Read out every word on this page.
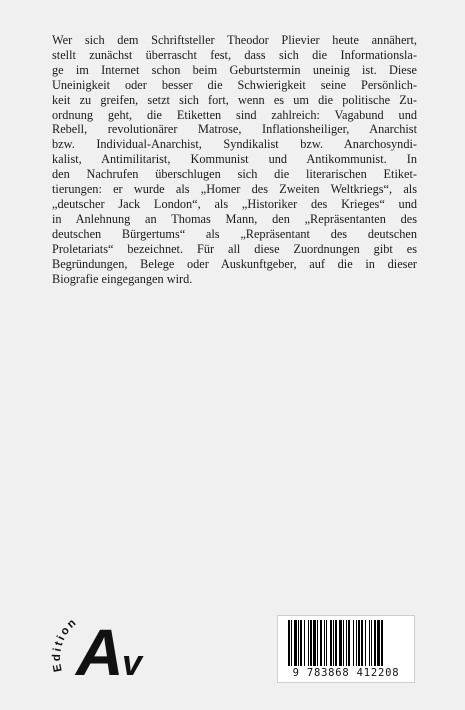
Wer sich dem Schriftsteller Theodor Plievier heute annähert,
stellt zunächst überrascht fest, dass sich die Informationsla-
ge im Internet schon beim Geburtstermin uneinig ist. Diese
Uneinigkeit oder besser die Schwierigkeit seine Persönlich-
keit zu greifen, setzt sich fort, wenn es um die politische Zu-
ordnung geht, die Etiketten sind zahlreich: Vagabund und
Rebell, revolutionärer Matrose, Inflationsheiliger, Anarchist
bzw. Individual-Anarchist, Syndikalist bzw. Anarchosyndi-
kalist, Antimilitarist, Kommunist und Antikommunist. In
den Nachrufen überschlugen sich die literarischen Etiket-
tierungen: er wurde als „Homer des Zweiten Weltkriegs“, als
„deutscher Jack London“, als „Historiker des Krieges“ und
in Anlehnung an Thomas Mann, den „Repräsentanten des
deutschen Bürgertums“ als „Repräsentant des deutschen
Proletariats“ bezeichnet. Für all diese Zuordnungen gibt es
Begründungen, Belege oder Auskunftgeber, auf die in dieser
Biografie eingegangen wird.
Edition
A
v	9 783868 412208
